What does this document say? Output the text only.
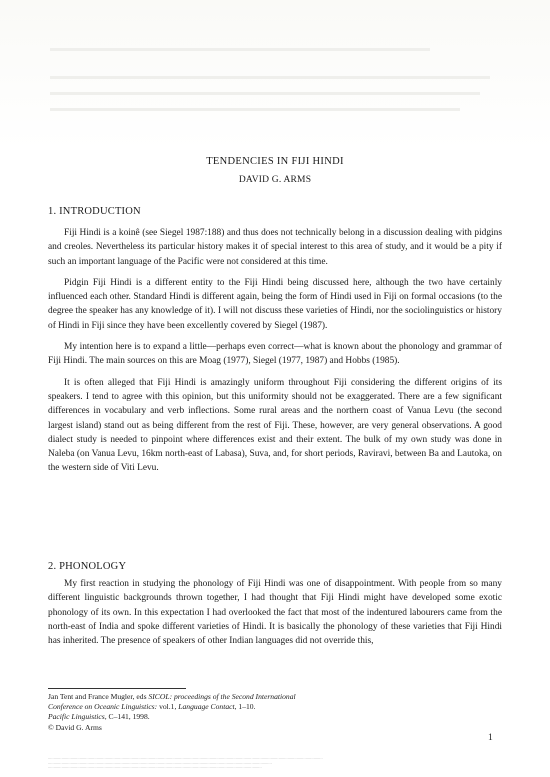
TENDENCIES IN FIJI HINDI
DAVID G. ARMS
1. INTRODUCTION

Fiji Hindi is a koinê (see Siegel 1987:188) and thus does not technically belong in a discussion dealing with pidgins and creoles. Nevertheless its particular history makes it of special interest to this area of study, and it would be a pity if such an important language of the Pacific were not considered at this time.

Pidgin Fiji Hindi is a different entity to the Fiji Hindi being discussed here, although the two have certainly influenced each other. Standard Hindi is different again, being the form of Hindi used in Fiji on formal occasions (to the degree the speaker has any knowledge of it). I will not discuss these varieties of Hindi, nor the sociolinguistics or history of Hindi in Fiji since they have been excellently covered by Siegel (1987).

My intention here is to expand a little—perhaps even correct—what is known about the phonology and grammar of Fiji Hindi. The main sources on this are Moag (1977), Siegel (1977, 1987) and Hobbs (1985).

It is often alleged that Fiji Hindi is amazingly uniform throughout Fiji considering the different origins of its speakers. I tend to agree with this opinion, but this uniformity should not be exaggerated. There are a few significant differences in vocabulary and verb inflections. Some rural areas and the northern coast of Vanua Levu (the second largest island) stand out as being different from the rest of Fiji. These, however, are very general observations. A good dialect study is needed to pinpoint where differences exist and their extent. The bulk of my own study was done in Naleba (on Vanua Levu, 16km north-east of Labasa), Suva, and, for short periods, Raviravi, between Ba and Lautoka, on the western side of Viti Levu.

2. PHONOLOGY

My first reaction in studying the phonology of Fiji Hindi was one of disappointment. With people from so many different linguistic backgrounds thrown together, I had thought that Fiji Hindi might have developed some exotic phonology of its own. In this expectation I had overlooked the fact that most of the indentured labourers came from the north-east of India and spoke different varieties of Hindi. It is basically the phonology of these varieties that Fiji Hindi has inherited. The presence of speakers of other Indian languages did not override this,

Jan Tent and France Mugler, eds SICOL: proceedings of the Second International
Conference on Oceanic Linguistics: vol.1, Language Contact, 1–10.
Pacific Linguistics, C–141, 1998.
© David G. Arms
1
………………………………………………………………………………………………………………………………………………………………………………………………………………………
………………………………………………………………………………………………………………………………………………………………………………
………………………………………………………………………………………………………………………………………………………………………
